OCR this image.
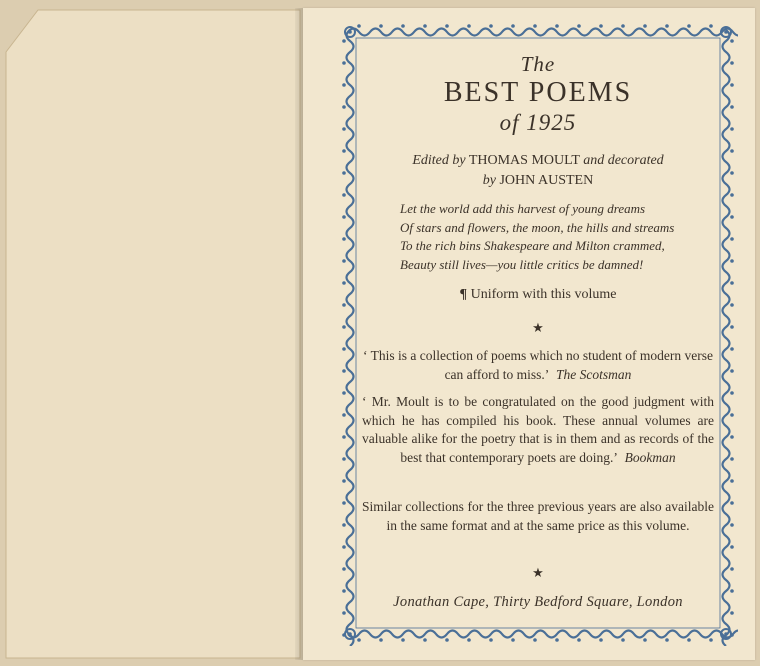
The
BEST POEMS
of 1925
Edited by THOMAS MOULT and decorated
by JOHN AUSTEN
Let the world add this harvest of young dreams
Of stars and flowers, the moon, the hills and streams
To the rich bins Shakespeare and Milton crammed,
Beauty still lives—you little critics be damned!
¶ Uniform with this volume
★
‘ This is a collection of poems which no student of modern verse can afford to miss.’ The Scotsman
‘ Mr. Moult is to be congratulated on the good judgment with which he has compiled his book. These annual volumes are valuable alike for the poetry that is in them and as records of the best that contemporary poets are doing.’ Bookman
Similar collections for the three previous years are also available in the same format and at the same price as this volume.
★
Jonathan Cape, Thirty Bedford Square, London
